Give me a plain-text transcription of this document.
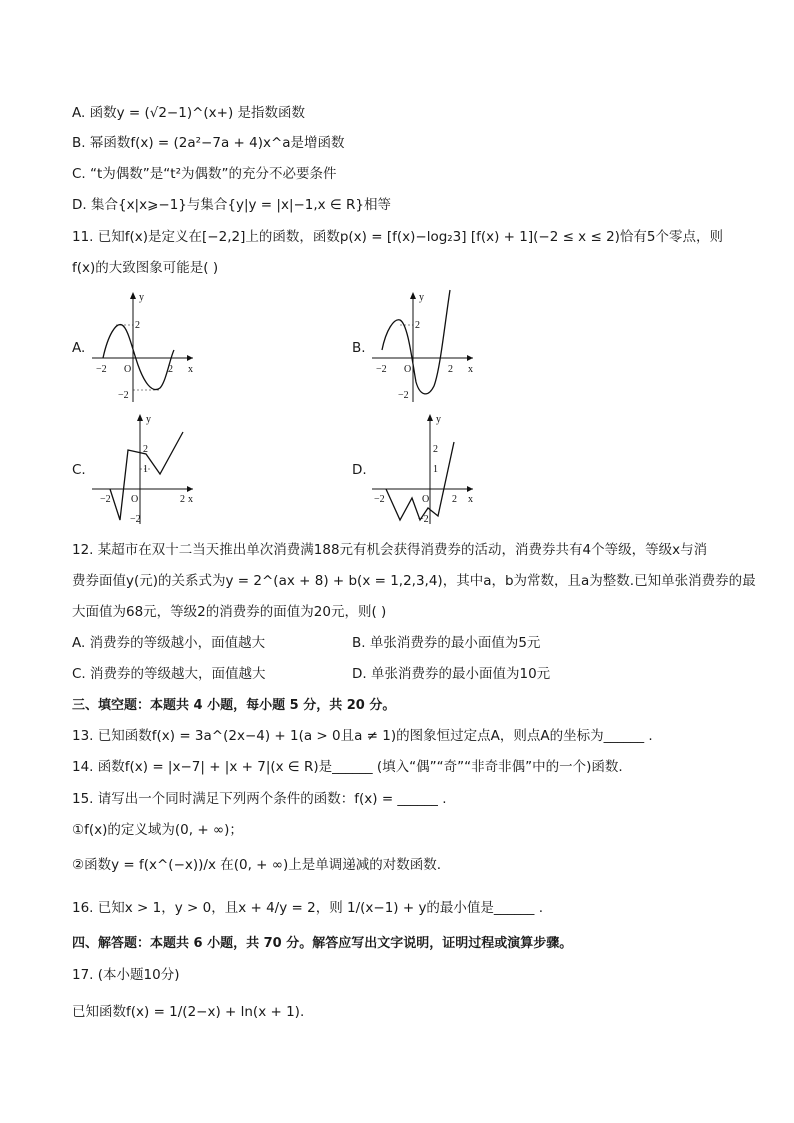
A. 函数y = (√2−1)^(x+) 是指数函数
B. 幂函数f(x) = (2a²−7a + 4)x^a是增函数
C. “t为偶数”是“t²为偶数”的充分不必要条件
D. 集合{x|x⩾−1}与集合{y|y = |x|−1,x ∈ R}相等
11. 已知f(x)是定义在[−2,2]上的函数，函数p(x) = [f(x)−log₂3] [f(x) + 1](−2 ≤ x ≤ 2)恰有5个零点，则
f(x)的大致图象可能是( )
A.
y
x
O
−2	2
2
−2
B.
y
x
O
−2	2
2
−2
C.
y
x
O
−2	2
2
1
−2
D.
y
x
O
−2	2
2
1
−2
12. 某超市在双十二当天推出单次消费满188元有机会获得消费券的活动，消费券共有4个等级，等级x与消
费券面值y(元)的关系式为y = 2^(ax + 8) + b(x = 1,2,3,4)，其中a，b为常数，且a为整数.已知单张消费券的最
大面值为68元，等级2的消费券的面值为20元，则( )
A. 消费券的等级越小，面值越大	B. 单张消费券的最小面值为5元
C. 消费券的等级越大，面值越大	D. 单张消费券的最小面值为10元
三、填空题：本题共 4 小题，每小题 5 分，共 20 分。
13. 已知函数f(x) = 3a^(2x−4) + 1(a > 0且a ≠ 1)的图象恒过定点A，则点A的坐标为______ .
14. 函数f(x) = |x−7| + |x + 7|(x ∈ R)是______ (填入“偶”“奇”“非奇非偶”中的一个)函数.
15. 请写出一个同时满足下列两个条件的函数：f(x) = ______ .
①f(x)的定义域为(0, + ∞)；
②函数y = f(x^(−x))/x 在(0, + ∞)上是单调递减的对数函数.
16. 已知x > 1，y > 0，且x + 4/y = 2，则 1/(x−1) + y的最小值是______ .
四、解答题：本题共 6 小题，共 70 分。解答应写出文字说明，证明过程或演算步骤。
17. (本小题10分)
已知函数f(x) = 1/(2−x) + ln(x + 1).
